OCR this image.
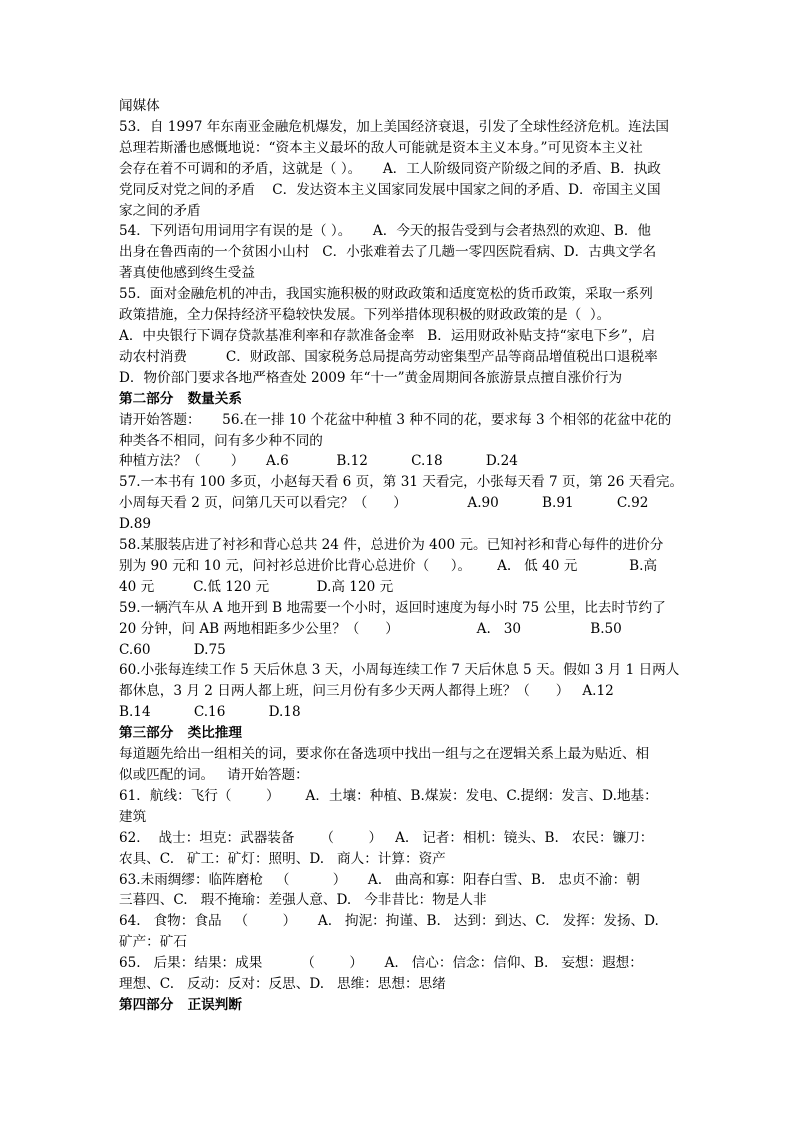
闻媒体
53．自 1997 年东南亚金融危机爆发，加上美国经济衰退，引发了全球性经济危机。连法国
总理若斯潘也感慨地说：“资本主义最坏的敌人可能就是资本主义本身。”可见资本主义社
会存在着不可调和的矛盾，这就是（ ）。     A．工人阶级同资产阶级之间的矛盾、B．执政
党同反对党之间的矛盾    C．发达资本主义国家同发展中国家之间的矛盾、D．帝国主义国
家之间的矛盾
54．下列语句用词用字有误的是（ ）。     A．今天的报告受到与会者热烈的欢迎、B．他
出身在鲁西南的一个贫困小山村   C．小张难着去了几趟一零四医院看病、D．古典文学名
著真使他感到终生受益
55．面对金融危机的冲击，我国实施积极的财政政策和适度宽松的货币政策，采取一系列
政策措施，全力保持经济平稳较快发展。下列举措体现积极的财政政策的是（  ）。
A．中央银行下调存贷款基准利率和存款准备金率   B．运用财政补贴支持“家电下乡”，启
动农村消费         C．财政部、国家税务总局提高劳动密集型产品等商品增值税出口退税率
D．物价部门要求各地严格查处 2009 年“十一”黄金周期间各旅游景点擅自涨价行为
第二部分   数量关系
请开始答题：     56.在一排 10 个花盆中种植 3 种不同的花，要求每 3 个相邻的花盆中花的
种类各不相同，问有多少种不同的
种植方法？（       ）     A.6           B.12          C.18          D.24
57.一本书有 100 多页，小赵每天看 6 页，第 31 天看完，小张每天看 7 页，第 26 天看完。
小周每天看 2 页，问第几天可以看完？（      ）              A.90          B.91          C.92
D.89
58.某服装店进了衬衫和背心总共 24 件，总进价为 400 元。已知衬衫和背心每件的进价分
别为 90 元和 10 元，问衬衫总进价比背心总进价（     ）。      A.   低 40 元            B.高
40 元         C.低 120 元           D.高 120 元
59.一辆汽车从 A 地开到 B 地需要一个小时，返回时速度为每小时 75 公里，比去时节约了
20 分钟，问 AB 两地相距多少公里？（      ）                  A.   30                B.50
C.60          D.75
60.小张每连续工作 5 天后休息 3 天，小周每连续工作 7 天后休息 5 天。假如 3 月 1 日两人
都休息，3 月 2 日两人都上班，问三月份有多少天两人都得上班？（      ）   A.12
B.14          C.16          D.18
第三部分   类比推理
每道题先给出一组相关的词，要求你在备选项中找出一组与之在逻辑关系上最为贴近、相
似或匹配的词。   请开始答题：
61．航线：飞行（        ）      A．土壤：种植、B.煤炭：发电、C.提纲：发言、D.地基：
建筑
62．  战士：坦克：武器装备      （        ）   A.   记者：相机：镜头、B.   农民：镰刀：
农具、C.   矿工：矿灯：照明、D.   商人：计算：资产
63.未雨绸缪：临阵磨枪   （          ）     A.   曲高和寡：阳春白雪、B.   忠贞不渝：朝
三暮四、C.   瑕不掩瑜：差强人意、D.   今非昔比：物是人非
64.   食物：食品   （        ）     A.   拘泥：拘谨、B.   达到：到达、C.   发挥：发扬、D.
矿产：矿石
65.   后果：结果：成果         （        ）     A.   信心：信念：信仰、B.   妄想：遐想：
理想、C.   反动：反对：反思、D.   思维：思想：思绪
第四部分   正误判断
